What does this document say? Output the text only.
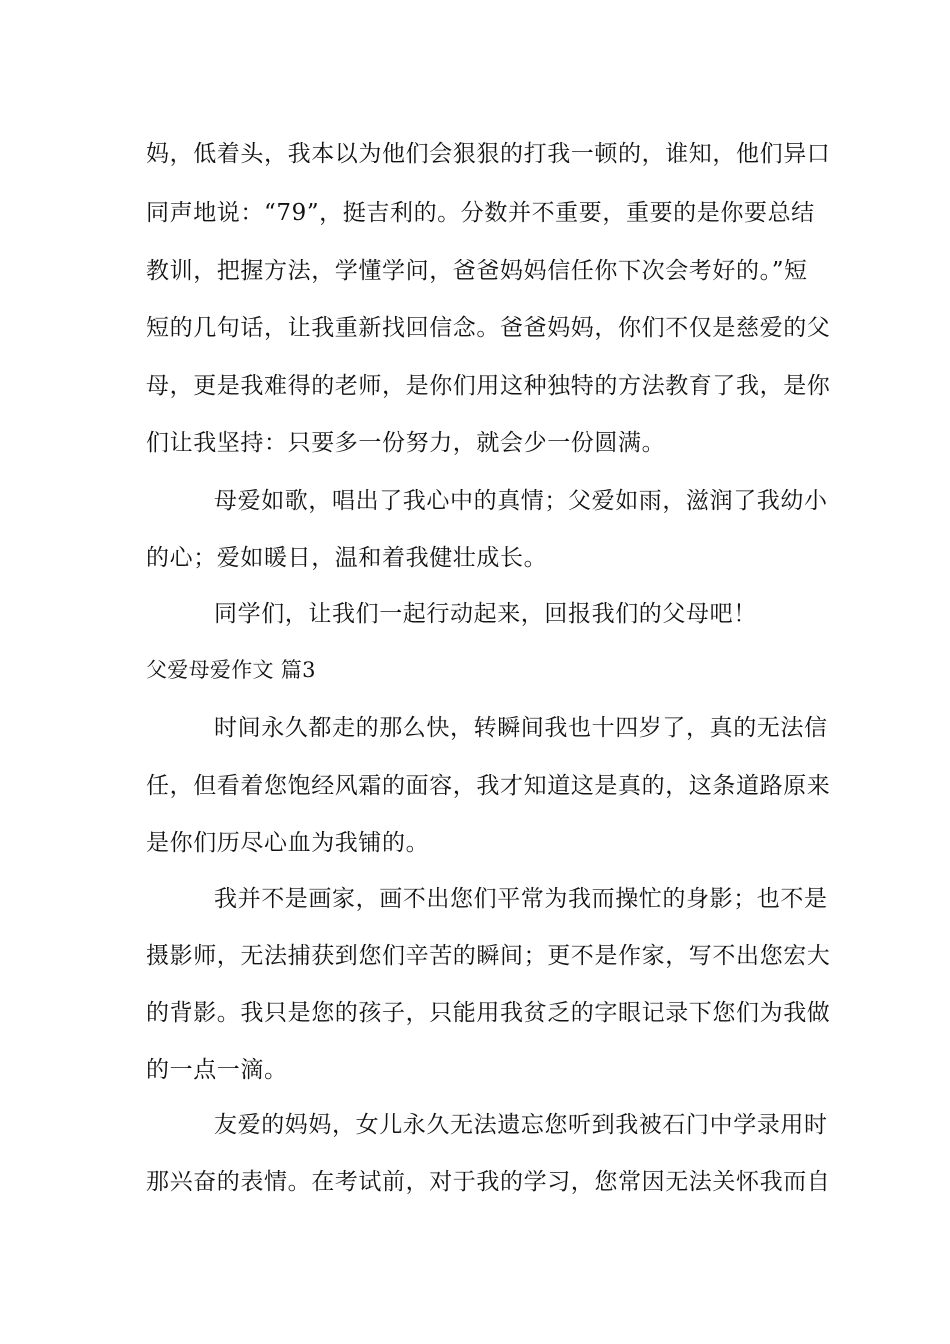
妈，低着头，我本以为他们会狠狠的打我一顿的，谁知，他们异口
同声地说：“79”，挺吉利的。分数并不重要，重要的是你要总结
教训，把握方法，学懂学问，爸爸妈妈信任你下次会考好的。”短
短的几句话，让我重新找回信念。爸爸妈妈，你们不仅是慈爱的父
母，更是我难得的老师，是你们用这种独特的方法教育了我，是你
们让我坚持：只要多一份努力，就会少一份圆满。
母爱如歌，唱出了我心中的真情；父爱如雨，滋润了我幼小
的心；爱如暖日，温和着我健壮成长。
同学们，让我们一起行动起来，回报我们的父母吧！
父爱母爱作文 篇3
时间永久都走的那么快，转瞬间我也十四岁了，真的无法信
任，但看着您饱经风霜的面容，我才知道这是真的，这条道路原来
是你们历尽心血为我铺的。
我并不是画家，画不出您们平常为我而操忙的身影；也不是
摄影师，无法捕获到您们辛苦的瞬间；更不是作家，写不出您宏大
的背影。我只是您的孩子，只能用我贫乏的字眼记录下您们为我做
的一点一滴。
友爱的妈妈，女儿永久无法遗忘您听到我被石门中学录用时
那兴奋的表情。在考试前，对于我的学习，您常因无法关怀我而自
